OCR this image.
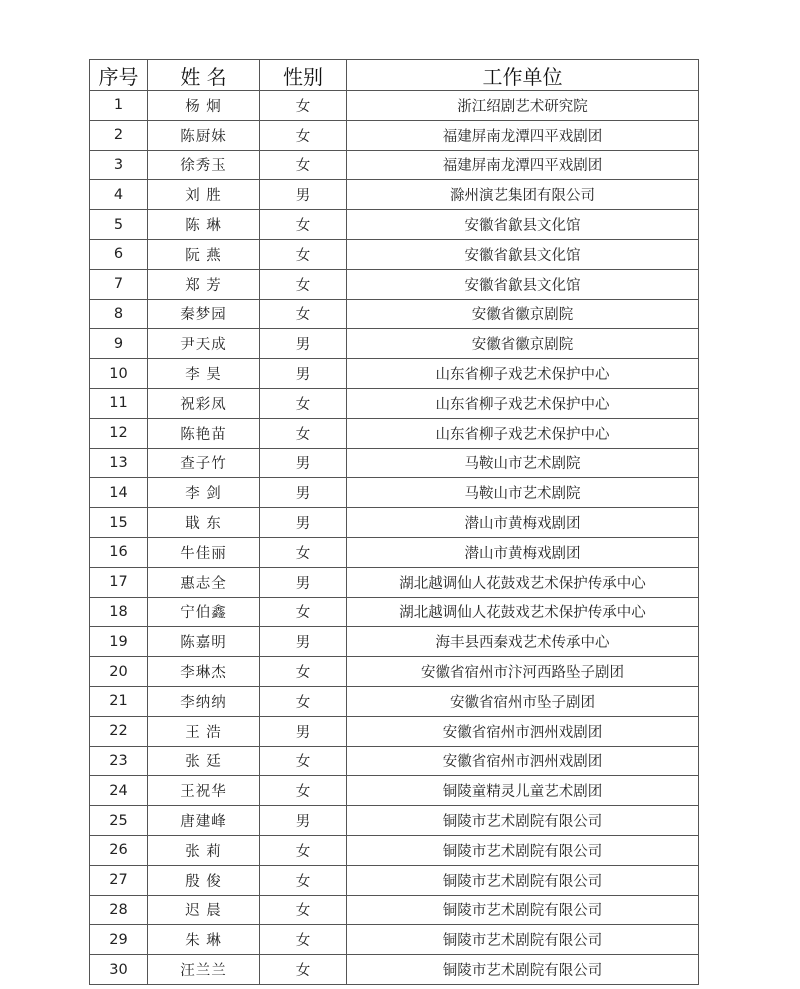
序号	姓 名	性别	工作单位
1	杨 炯	女	浙江绍剧艺术研究院
2	陈厨妹	女	福建屏南龙潭四平戏剧团
3	徐秀玉	女	福建屏南龙潭四平戏剧团
4	刘 胜	男	滁州演艺集团有限公司
5	陈 琳	女	安徽省歙县文化馆
6	阮 燕	女	安徽省歙县文化馆
7	郑 芳	女	安徽省歙县文化馆
8	秦梦园	女	安徽省徽京剧院
9	尹天成	男	安徽省徽京剧院
10	李 昊	男	山东省柳子戏艺术保护中心
11	祝彩凤	女	山东省柳子戏艺术保护中心
12	陈艳苗	女	山东省柳子戏艺术保护中心
13	查子竹	男	马鞍山市艺术剧院
14	李 剑	男	马鞍山市艺术剧院
15	戢 东	男	潜山市黄梅戏剧团
16	牛佳丽	女	潜山市黄梅戏剧团
17	惠志全	男	湖北越调仙人花鼓戏艺术保护传承中心
18	宁伯鑫	女	湖北越调仙人花鼓戏艺术保护传承中心
19	陈嘉明	男	海丰县西秦戏艺术传承中心
20	李琳杰	女	安徽省宿州市汴河西路坠子剧团
21	李纳纳	女	安徽省宿州市坠子剧团
22	王 浩	男	安徽省宿州市泗州戏剧团
23	张 廷	女	安徽省宿州市泗州戏剧团
24	王祝华	女	铜陵童精灵儿童艺术剧团
25	唐建峰	男	铜陵市艺术剧院有限公司
26	张 莉	女	铜陵市艺术剧院有限公司
27	殷 俊	女	铜陵市艺术剧院有限公司
28	迟 晨	女	铜陵市艺术剧院有限公司
29	朱 琳	女	铜陵市艺术剧院有限公司
30	汪兰兰	女	铜陵市艺术剧院有限公司
